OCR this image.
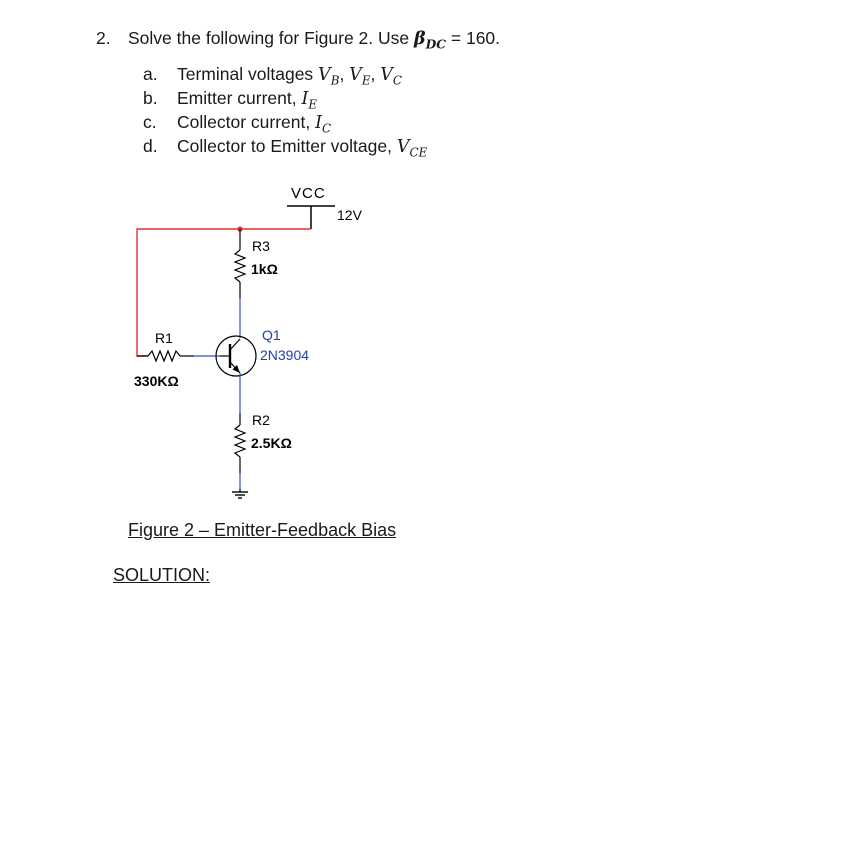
2. Solve the following for Figure 2. Use
$\beta_{DC}$
= 160.
a.	Terminal voltages
$V_B$ , $V_E$ , $V_C$
b.	Emitter current,
$I_E$
c.	Collector current,
$I_C$
d.	Collector to Emitter voltage,
$V_{CE}$
VCC
12V
R3
1kΩ
R1
330KΩ
Q1
2N3904
R2
2.5KΩ
Figure 2 – Emitter-Feedback Bias
SOLUTION:
